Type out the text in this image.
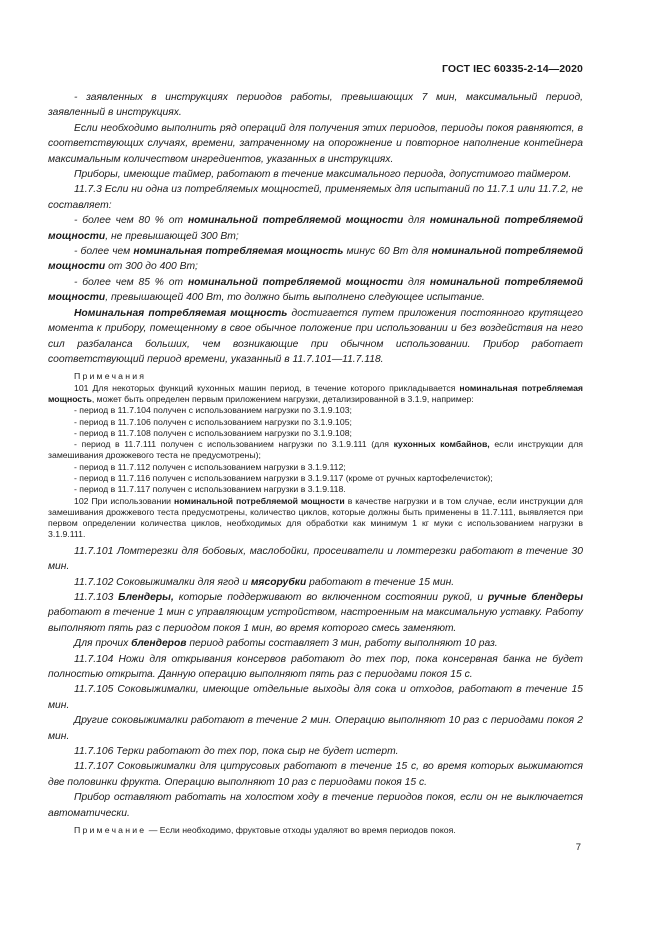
ГОСТ IEC 60335-2-14—2020

- заявленных в инструкциях периодов работы, превышающих 7 мин, максимальный период, заявленный в инструкциях.

Если необходимо выполнить ряд операций для получения этих периодов, периоды покоя равняются, в соответствующих случаях, времени, затраченному на опорожнение и повторное наполнение контейнера максимальным количеством ингредиентов, указанных в инструкциях.

Приборы, имеющие таймер, работают в течение максимального периода, допустимого таймером.

11.7.3 Если ни одна из потребляемых мощностей, применяемых для испытаний по 11.7.1 или 11.7.2, не составляет:

- более чем 80 % от номинальной потребляемой мощности для номинальной потребляемой мощности, не превышающей 300 Вт;

- более чем номинальная потребляемая мощность минус 60 Вт для номинальной потребляемой мощности от 300 до 400 Вт;

- более чем 85 % от номинальной потребляемой мощности для номинальной потребляемой мощности, превышающей 400 Вт, то должно быть выполнено следующее испытание.

Номинальная потребляемая мощность достигается путем приложения постоянного крутящего момента к прибору, помещенному в свое обычное положение при использовании и без воздействия на него сил разбаланса больших, чем возникающие при обычном использовании. Прибор работает соответствующий период времени, указанный в 11.7.101—11.7.118.

Примечания

101 Для некоторых функций кухонных машин период, в течение которого прикладывается номинальная потребляемая мощность, может быть определен первым приложением нагрузки, детализированной в 3.1.9, например:

- период в 11.7.104 получен с использованием нагрузки по 3.1.9.103;

- период в 11.7.106 получен с использованием нагрузки по 3.1.9.105;

- период в 11.7.108 получен с использованием нагрузки по 3.1.9.108;

- период в 11.7.111 получен с использованием нагрузки по 3.1.9.111 (для кухонных комбайнов, если инструкции для замешивания дрожжевого теста не предусмотрены);

- период в 11.7.112 получен с использованием нагрузки в 3.1.9.112;

- период в 11.7.116 получен с использованием нагрузки в 3.1.9.117 (кроме от ручных картофелечисток);

- период в 11.7.117 получен с использованием нагрузки в 3.1.9.118.

102 При использовании номинальной потребляемой мощности в качестве нагрузки и в том случае, если инструкции для замешивания дрожжевого теста предусмотрены, количество циклов, которые должны быть применены в 11.7.111, выявляется при первом определении количества циклов, необходимых для обработки как минимум 1 кг муки с использованием нагрузки в 3.1.9.111.

11.7.101 Ломтерезки для бобовых, маслобойки, просеиватели и ломтерезки работают в течение 30 мин.

11.7.102 Соковыжималки для ягод и мясорубки работают в течение 15 мин.

11.7.103 Блендеры, которые поддерживают во включенном состоянии рукой, и ручные блендеры работают в течение 1 мин с управляющим устройством, настроенным на максимальную уставку. Работу выполняют пять раз с периодом покоя 1 мин, во время которого смесь заменяют.

Для прочих блендеров период работы составляет 3 мин, работу выполняют 10 раз.

11.7.104 Ножи для открывания консервов работают до тех пор, пока консервная банка не будет полностью открыта. Данную операцию выполняют пять раз с периодами покоя 15 с.

11.7.105 Соковыжималки, имеющие отдельные выходы для сока и отходов, работают в течение 15 мин.

Другие соковыжималки работают в течение 2 мин. Операцию выполняют 10 раз с периодами покоя 2 мин.

11.7.106 Терки работают до тех пор, пока сыр не будет истерт.

11.7.107 Соковыжималки для цитрусовых работают в течение 15 с, во время которых выжимаются две половинки фрукта. Операцию выполняют 10 раз с периодами покоя 15 с.

Прибор оставляют работать на холостом ходу в течение периодов покоя, если он не выключается автоматически.

Примечание — Если необходимо, фруктовые отходы удаляют во время периодов покоя.

7
